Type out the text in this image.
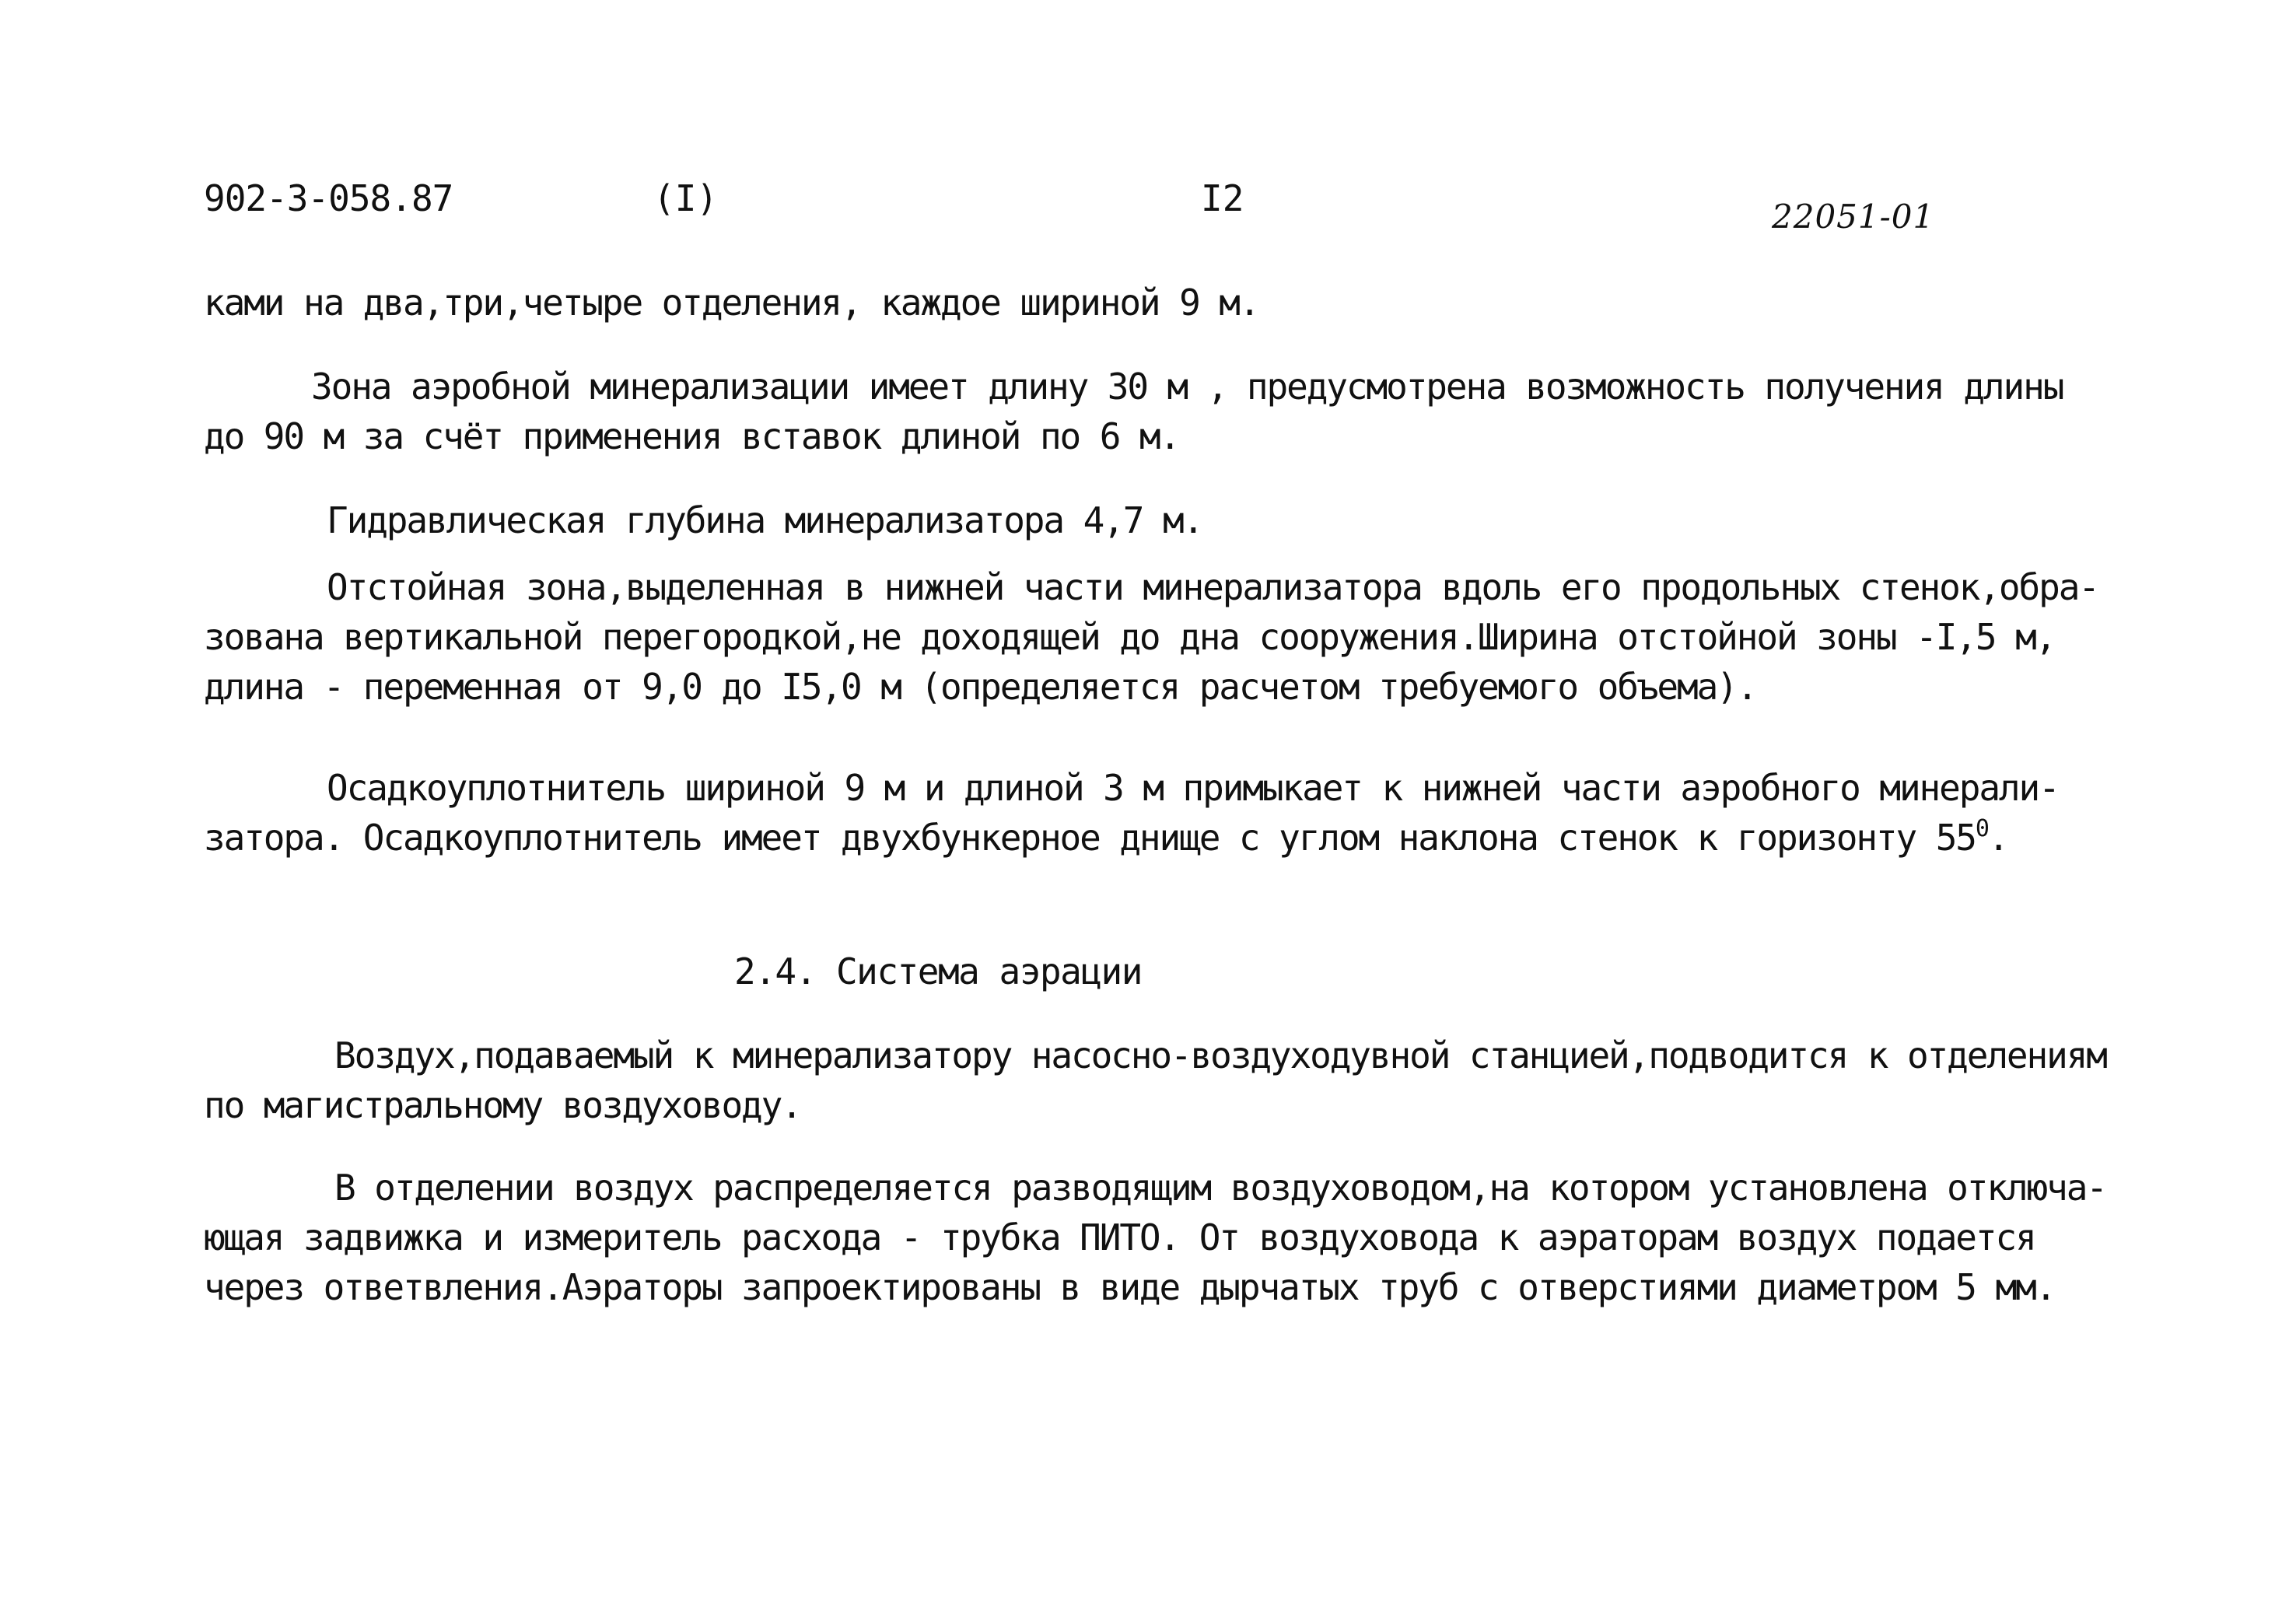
902-3-058.87	(I)	I2	22051-01
ками на два,три,четыре отделения, каждое шириной 9 м.
Зона аэробной минерализации имеет длину 30 м , предусмотрена возможность получения длины
до 90 м за счёт применения вставок длиной по 6 м.
Гидравлическая глубина минерализатора 4,7 м.
Отстойная зона,выделенная в нижней части минерализатора вдоль его продольных стенок,обра-
зована вертикальной перегородкой,не доходящей до дна сооружения.Ширина отстойной зоны -I,5 м,
длина - переменная от 9,0 до I5,0 м (определяется расчетом требуемого объема).
Осадкоуплотнитель шириной 9 м и длиной 3 м примыкает к нижней части аэробного минерали-
затора. Осадкоуплотнитель имеет двухбункерное днище с углом наклона стенок к горизонту $55^0$.
2.4. Система аэрации
Воздух,подаваемый к минерализатору насосно-воздуходувной станцией,подводится к отделениям
по магистральному воздуховоду.
В отделении воздух распределяется разводящим воздуховодом,на котором установлена отключа-
ющая задвижка и измеритель расхода - трубка ПИТО. От воздуховода к аэраторам воздух подается
через ответвления.Аэраторы запроектированы в виде дырчатых труб с отверстиями диаметром 5 мм.
